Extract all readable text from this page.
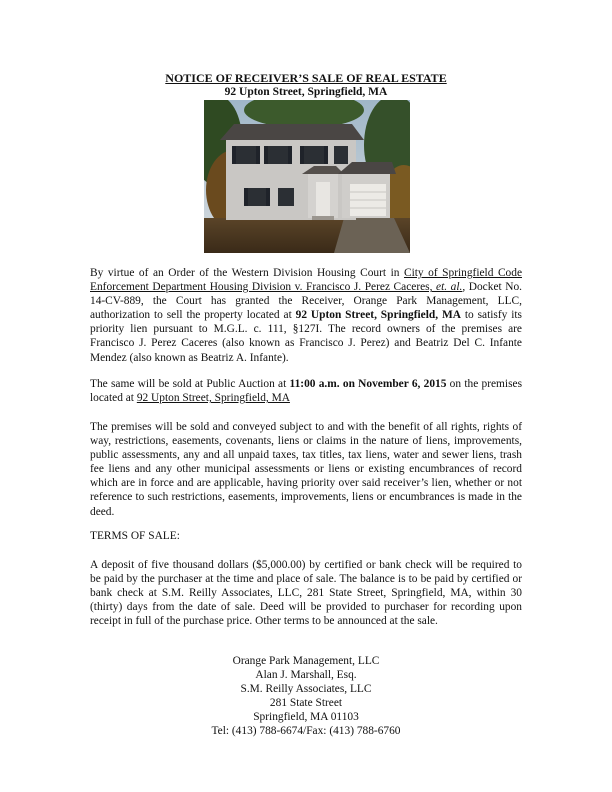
NOTICE OF RECEIVER’S SALE OF REAL ESTATE
92 Upton Street, Springfield, MA

By virtue of an Order of the Western Division Housing Court in City of Springfield Code Enforcement Department Housing Division v. Francisco J. Perez Caceres, et. al., Docket No. 14-CV-889, the Court has granted the Receiver, Orange Park Management, LLC, authorization to sell the property located at 92 Upton Street, Springfield, MA to satisfy its priority lien pursuant to M.G.L. c. 111, §127I. The record owners of the premises are Francisco J. Perez Caceres (also known as Francisco J. Perez) and Beatriz Del C. Infante Mendez (also known as Beatriz A. Infante).

The same will be sold at Public Auction at 11:00 a.m. on November 6, 2015 on the premises located at 92 Upton Street, Springfield, MA

The premises will be sold and conveyed subject to and with the benefit of all rights, rights of way, restrictions, easements, covenants, liens or claims in the nature of liens, improvements, public assessments, any and all unpaid taxes, tax titles, tax liens, water and sewer liens, trash fee liens and any other municipal assessments or liens or existing encumbrances of record which are in force and are applicable, having priority over said receiver’s lien, whether or not reference to such restrictions, easements, improvements, liens or encumbrances is made in the deed.

TERMS OF SALE:

A deposit of five thousand dollars ($5,000.00) by certified or bank check will be required to be paid by the purchaser at the time and place of sale. The balance is to be paid by certified or bank check at S.M. Reilly Associates, LLC, 281 State Street, Springfield, MA, within 30 (thirty) days from the date of sale. Deed will be provided to purchaser for recording upon receipt in full of the purchase price. Other terms to be announced at the sale.

Orange Park Management, LLC
Alan J. Marshall, Esq.
S.M. Reilly Associates, LLC
281 State Street
Springfield, MA 01103
Tel: (413) 788-6674/Fax: (413) 788-6760
